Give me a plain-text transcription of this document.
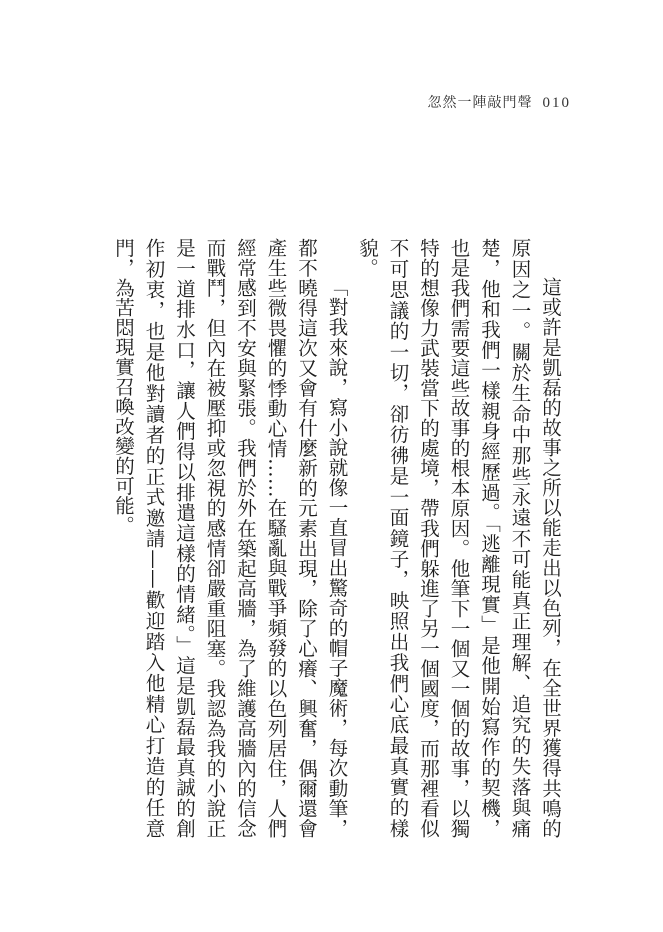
忽然一陣敲門聲 010

這或許是凱磊的故事之所以能走出以色列，在全世界獲得共鳴的原因之一。關於生命中那些永遠不可能真正理解、追究的失落與痛楚，他和我們一樣親身經歷過。「逃離現實」是他開始寫作的契機，也是我們需要這些故事的根本原因。他筆下一個又一個的故事，以獨特的想像力武裝當下的處境，帶我們躲進了另一個國度，而那裡看似不可思議的一切，卻彷彿是一面鏡子，映照出我們心底最真實的樣貌。

「對我來說，寫小說就像一直冒出驚奇的帽子魔術，每次動筆，都不曉得這次又會有什麼新的元素出現，除了心癢、興奮，偶爾還會產生些微畏懼的悸動心情……在騷亂與戰爭頻發的以色列居住，人們經常感到不安與緊張。我們於外在築起高牆，為了維護高牆內的信念而戰鬥，但內在被壓抑或忽視的感情卻嚴重阻塞。我認為我的小說正是一道排水口，讓人們得以排遣這樣的情緒。」這是凱磊最真誠的創作初衷，也是他對讀者的正式邀請——歡迎踏入他精心打造的任意門，為苦悶現實召喚改變的可能。
